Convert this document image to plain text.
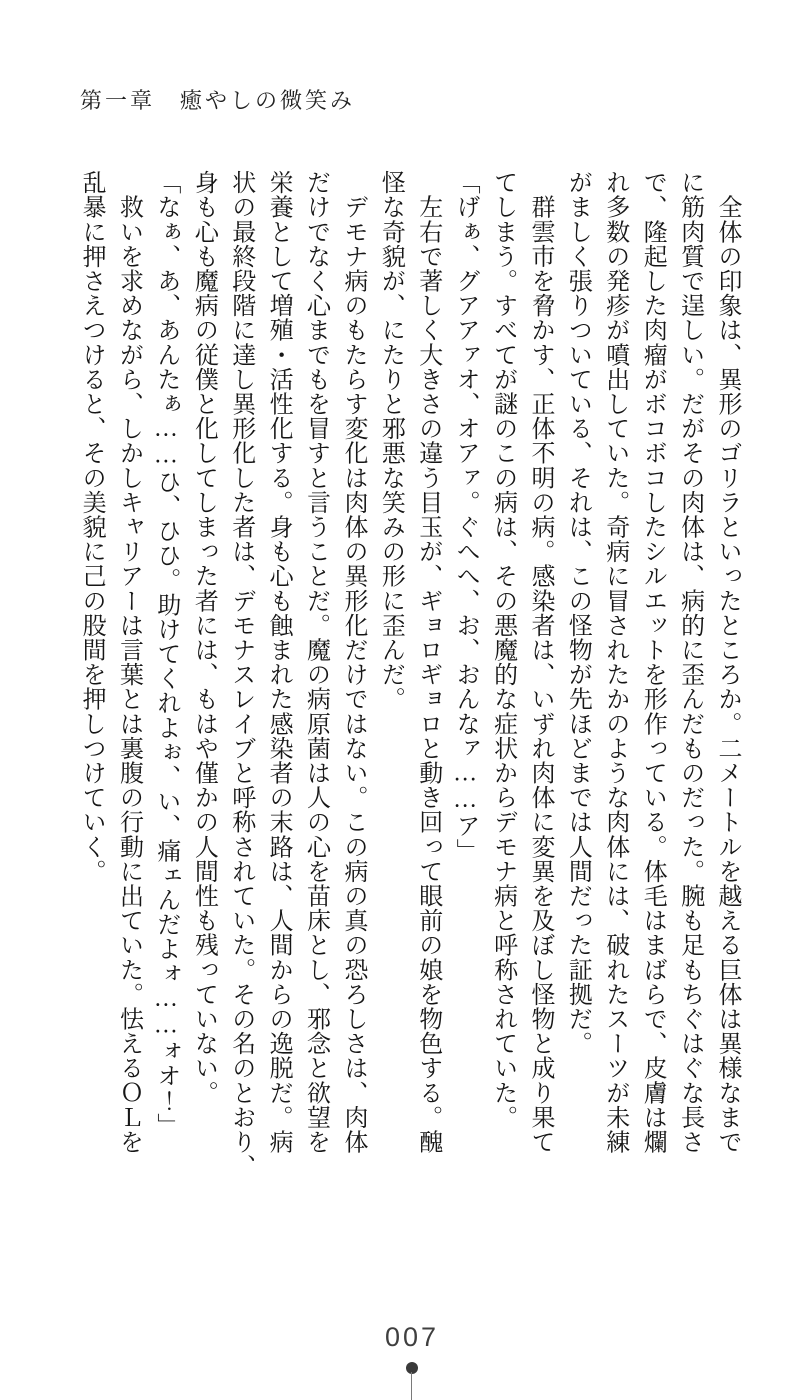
第一章　癒やしの微笑み
　全体の印象は、異形のゴリラといったところか。二メートルを越える巨体は異様なまで
に筋肉質で逞しい。だがその肉体は、病的に歪んだものだった。腕も足もちぐはぐな長さ
で、隆起した肉瘤がボコボコしたシルエットを形作っている。体毛はまばらで、皮膚は爛
れ多数の発疹が噴出していた。奇病に冒されたかのような肉体には、破れたスーツが未練
がましく張りついている、それは、この怪物が先ほどまでは人間だった証拠だ。
　群雲市を脅かす、正体不明の病。感染者は、いずれ肉体に変異を及ぼし怪物と成り果て
てしまう。すべてが謎のこの病は、その悪魔的な症状からデモナ病と呼称されていた。
「げぁ、グアアァオ、オアァ。ぐへへ、お、おんなァ……ア」
　左右で著しく大きさの違う目玉が、ギョロギョロと動き回って眼前の娘を物色する。醜
怪な奇貌が、にたりと邪悪な笑みの形に歪んだ。
　デモナ病のもたらす変化は肉体の異形化だけではない。この病の真の恐ろしさは、肉体
だけでなく心までもを冒すと言うことだ。魔の病原菌は人の心を苗床とし、邪念と欲望を
栄養として増殖・活性化する。身も心も蝕まれた感染者の末路は、人間からの逸脱だ。病
状の最終段階に達し異形化した者は、デモナスレイブと呼称されていた。その名のとおり、
身も心も魔病の従僕と化してしまった者には、もはや僅かの人間性も残っていない。
「なぁ、あ、あんたぁ……ひ、ひひ。助けてくれよぉ、い、痛ェんだよォ……ォオ！」
　救いを求めながら、しかしキャリアーは言葉とは裏腹の行動に出ていた。怯えるＯＬを
乱暴に押さえつけると、その美貌に己の股間を押しつけていく。
007
